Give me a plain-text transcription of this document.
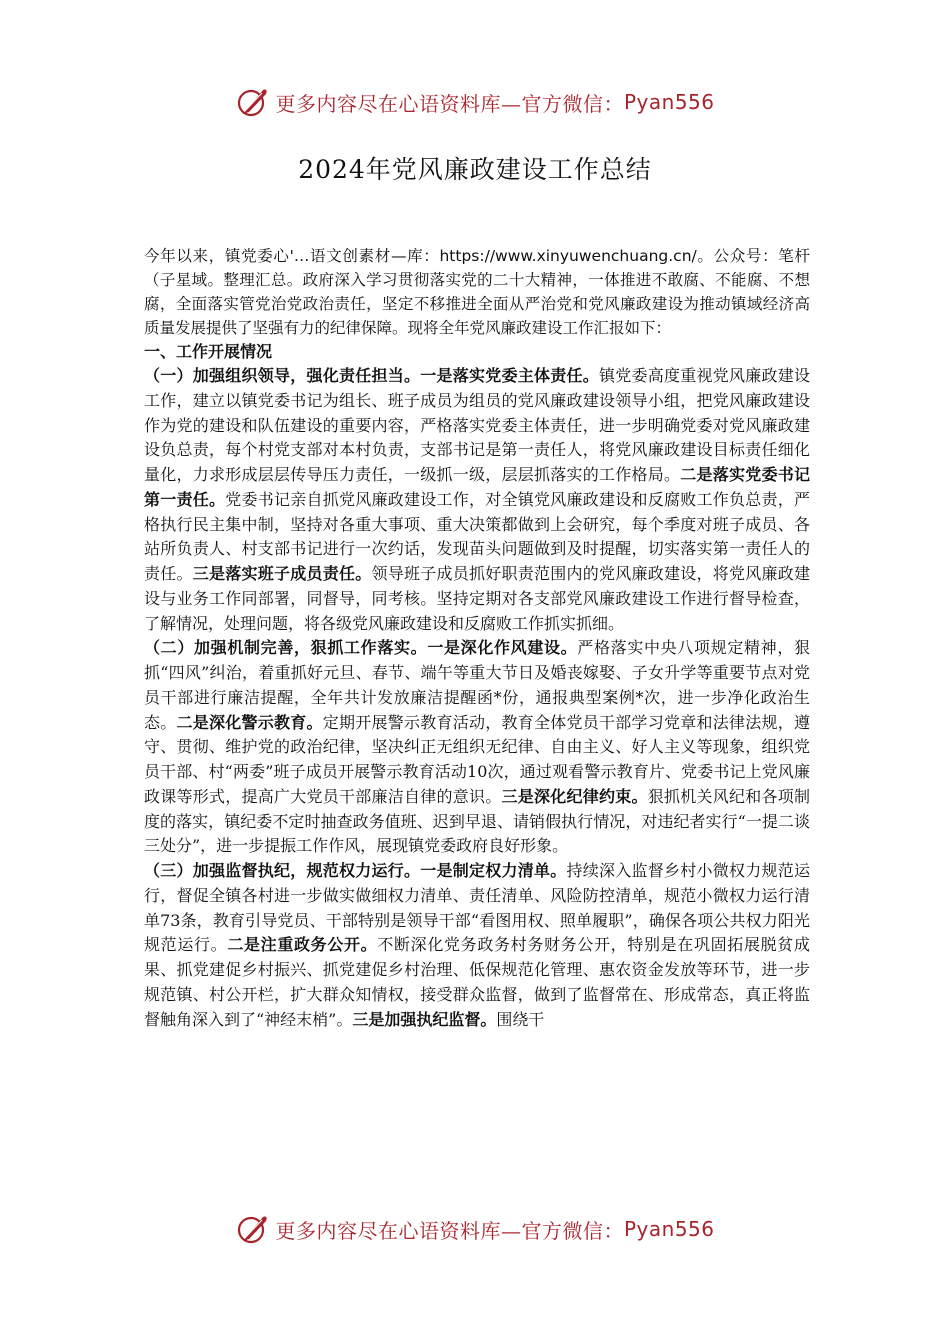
更多内容尽在心语资料库—官方微信： Pyan556
2024年党风廉政建设工作总结

今年以来，镇党委心'…语文创素材—库：https://www.xinyuwenchuang.cn/。公众号：笔杆（子星域。整理汇总。政府深入学习贯彻落实党的二十大精神，一体推进不敢腐、不能腐、不想腐，全面落实管党治党政治责任，坚定不移推进全面从严治党和党风廉政建设为推动镇域经济高质量发展提供了坚强有力的纪律保障。现将全年党风廉政建设工作汇报如下：

一、工作开展情况

（一）加强组织领导，强化责任担当。一是落实党委主体责任。镇党委高度重视党风廉政建设工作，建立以镇党委书记为组长、班子成员为组员的党风廉政建设领导小组，把党风廉政建设作为党的建设和队伍建设的重要内容，严格落实党委主体责任，进一步明确党委对党风廉政建设负总责，每个村党支部对本村负责，支部书记是第一责任人，将党风廉政建设目标责任细化量化，力求形成层层传导压力责任，一级抓一级，层层抓落实的工作格局。二是落实党委书记第一责任。党委书记亲自抓党风廉政建设工作，对全镇党风廉政建设和反腐败工作负总责，严格执行民主集中制，坚持对各重大事项、重大决策都做到上会研究，每个季度对班子成员、各站所负责人、村支部书记进行一次约话，发现苗头问题做到及时提醒，切实落实第一责任人的责任。三是落实班子成员责任。领导班子成员抓好职责范围内的党风廉政建设，将党风廉政建设与业务工作同部署，同督导，同考核。坚持定期对各支部党风廉政建设工作进行督导检查，了解情况，处理问题，将各级党风廉政建设和反腐败工作抓实抓细。

（二）加强机制完善，狠抓工作落实。一是深化作风建设。严格落实中央八项规定精神，狠抓“四风”纠治，着重抓好元旦、春节、端午等重大节日及婚丧嫁娶、子女升学等重要节点对党员干部进行廉洁提醒，全年共计发放廉洁提醒函*份，通报典型案例*次，进一步净化政治生态。二是深化警示教育。定期开展警示教育活动，教育全体党员干部学习党章和法律法规，遵守、贯彻、维护党的政治纪律，坚决纠正无组织无纪律、自由主义、好人主义等现象，组织党员干部、村“两委”班子成员开展警示教育活动10次，通过观看警示教育片、党委书记上党风廉政课等形式，提高广大党员干部廉洁自律的意识。三是深化纪律约束。狠抓机关风纪和各项制度的落实，镇纪委不定时抽查政务值班、迟到早退、请销假执行情况，对违纪者实行“一提二谈三处分”，进一步提振工作作风，展现镇党委政府良好形象。

（三）加强监督执纪，规范权力运行。一是制定权力清单。持续深入监督乡村小微权力规范运行，督促全镇各村进一步做实做细权力清单、责任清单、风险防控清单，规范小微权力运行清单73条，教育引导党员、干部特别是领导干部“看图用权、照单履职”，确保各项公共权力阳光规范运行。二是注重政务公开。不断深化党务政务村务财务公开，特别是在巩固拓展脱贫成果、抓党建促乡村振兴、抓党建促乡村治理、低保规范化管理、惠农资金发放等环节，进一步规范镇、村公开栏，扩大群众知情权，接受群众监督，做到了监督常在、形成常态，真正将监督触角深入到了“神经末梢”。三是加强执纪监督。围绕干

更多内容尽在心语资料库—官方微信： Pyan556
